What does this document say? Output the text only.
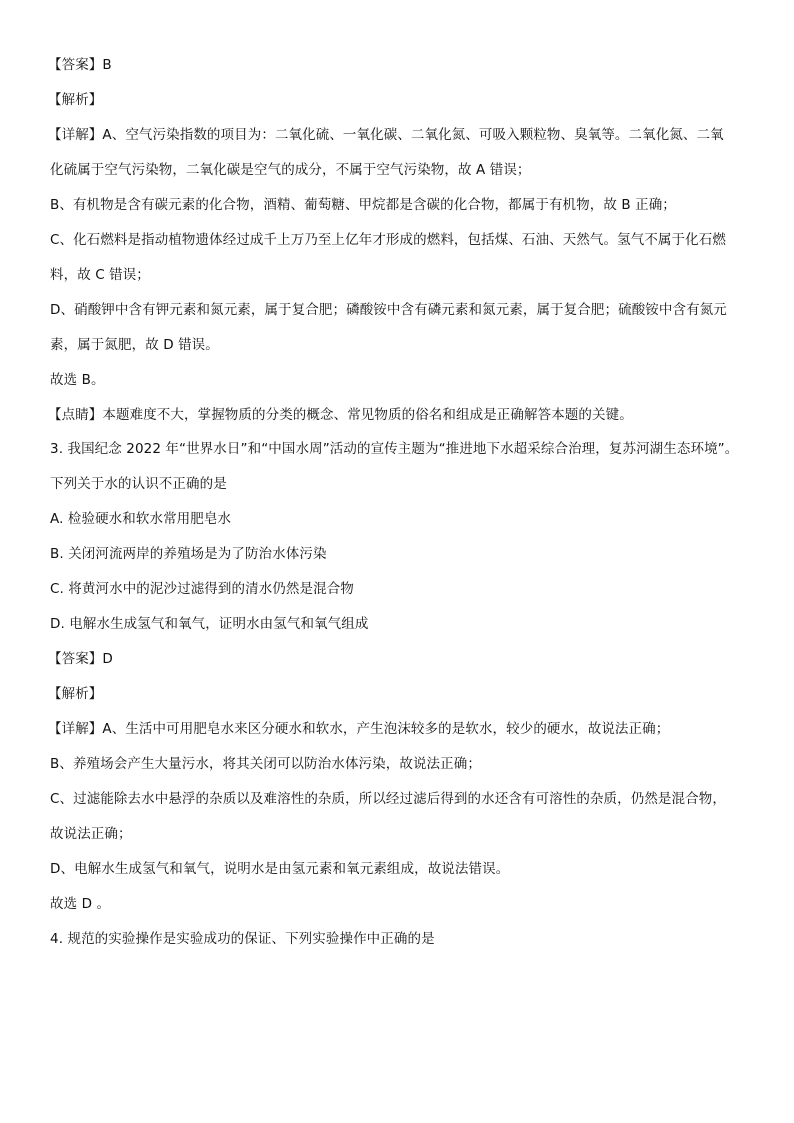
【答案】B
【解析】
【详解】A、空气污染指数的项目为：二氧化硫、一氧化碳、二氧化氮、可吸入颗粒物、臭氧等。二氧化氮、二氧
化硫属于空气污染物，二氧化碳是空气的成分，不属于空气污染物，故 A 错误；
B、有机物是含有碳元素的化合物，酒精、葡萄糖、甲烷都是含碳的化合物，都属于有机物，故 B 正确；
C、化石燃料是指动植物遗体经过成千上万乃至上亿年才形成的燃料，包括煤、石油、天然气。氢气不属于化石燃
料，故 C 错误；
D、硝酸钾中含有钾元素和氮元素，属于复合肥；磷酸铵中含有磷元素和氮元素，属于复合肥；硫酸铵中含有氮元
素，属于氮肥，故 D 错误。
故选 B。
【点睛】本题难度不大，掌握物质的分类的概念、常见物质的俗名和组成是正确解答本题的关键。
3. 我国纪念 2022 年“世界水日”和“中国水周”活动的宣传主题为“推进地下水超采综合治理，复苏河湖生态环境”。
下列关于水的认识不正确的是
A. 检验硬水和软水常用肥皂水
B. 关闭河流两岸的养殖场是为了防治水体污染
C. 将黄河水中的泥沙过滤得到的清水仍然是混合物
D. 电解水生成氢气和氧气，证明水由氢气和氧气组成
【答案】D
【解析】
【详解】A、生活中可用肥皂水来区分硬水和软水，产生泡沫较多的是软水，较少的硬水，故说法正确；
B、养殖场会产生大量污水，将其关闭可以防治水体污染，故说法正确；
C、过滤能除去水中悬浮的杂质以及难溶性的杂质，所以经过滤后得到的水还含有可溶性的杂质，仍然是混合物，
故说法正确；
D、电解水生成氢气和氧气，说明水是由氢元素和氧元素组成，故说法错误。
故选 D 。
4. 规范的实验操作是实验成功的保证、下列实验操作中正确的是
